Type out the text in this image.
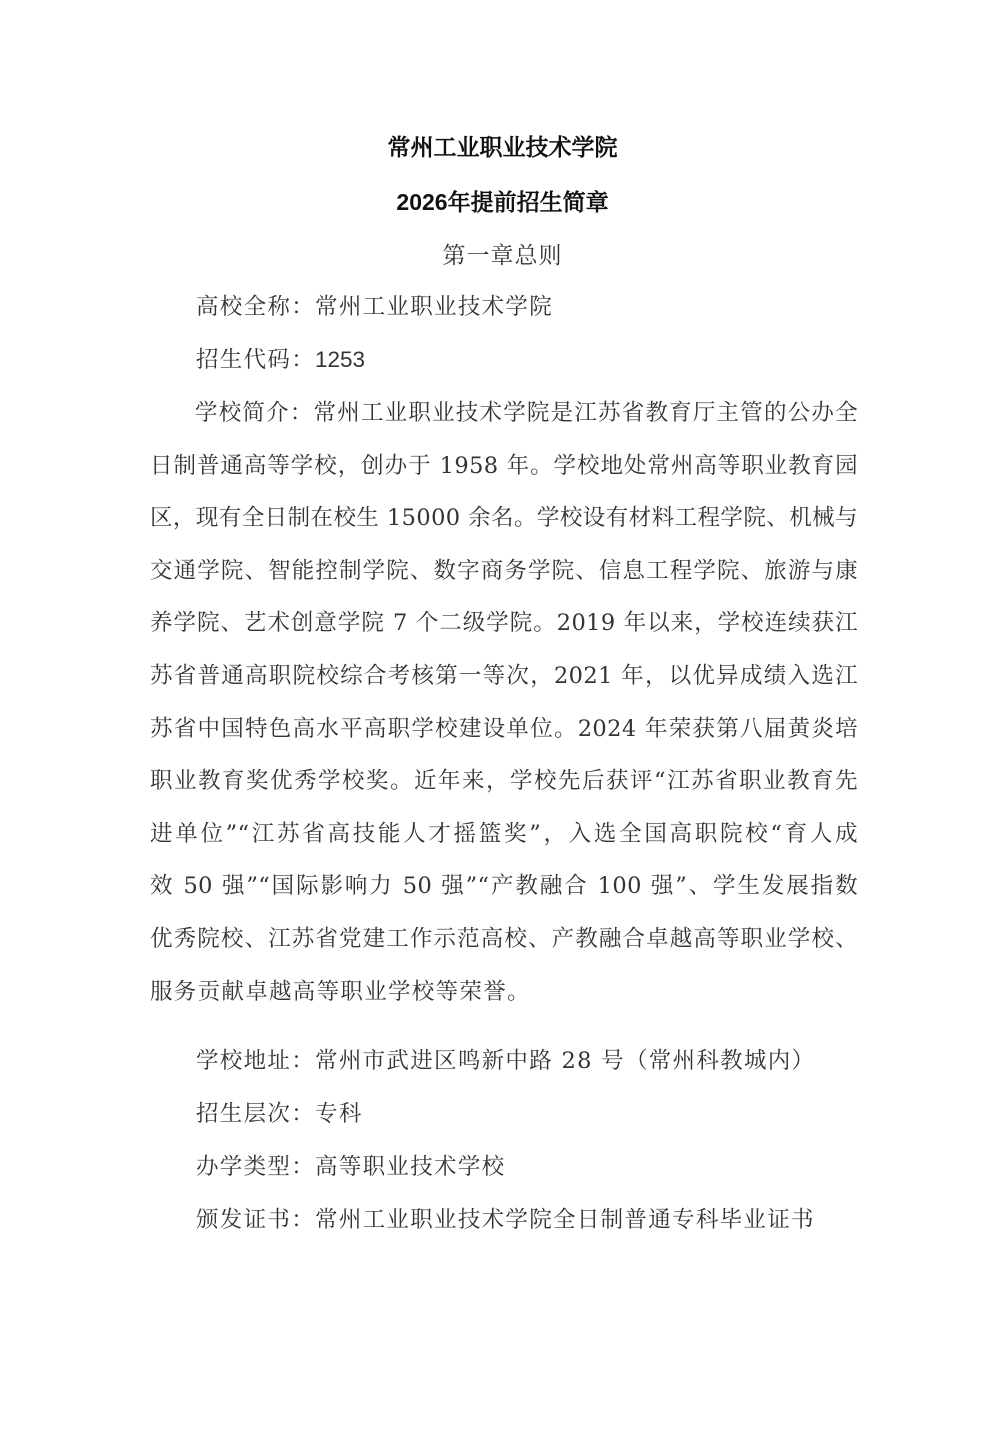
常州工业职业技术学院
2026年提前招生简章
第一章总则
高校全称：常州工业职业技术学院
招生代码：1253
学校简介：常州工业职业技术学院是江苏省教育厅主管的公办全
日制普通高等学校，创办于 1958 年。学校地处常州高等职业教育园
区，现有全日制在校生 15000 余名。学校设有材料工程学院、机械与
交通学院、智能控制学院、数字商务学院、信息工程学院、旅游与康
养学院、艺术创意学院 7 个二级学院。2019 年以来，学校连续获江
苏省普通高职院校综合考核第一等次，2021 年，以优异成绩入选江
苏省中国特色高水平高职学校建设单位。2024 年荣获第八届黄炎培
职业教育奖优秀学校奖。近年来，学校先后获评“江苏省职业教育先
进单位”“江苏省高技能人才摇篮奖”，入选全国高职院校“育人成
效 50 强”“国际影响力 50 强”“产教融合 100 强”、学生发展指数
优秀院校、江苏省党建工作示范高校、产教融合卓越高等职业学校、
服务贡献卓越高等职业学校等荣誉。
学校地址：常州市武进区鸣新中路 28 号（常州科教城内）
招生层次：专科
办学类型：高等职业技术学校
颁发证书：常州工业职业技术学院全日制普通专科毕业证书
